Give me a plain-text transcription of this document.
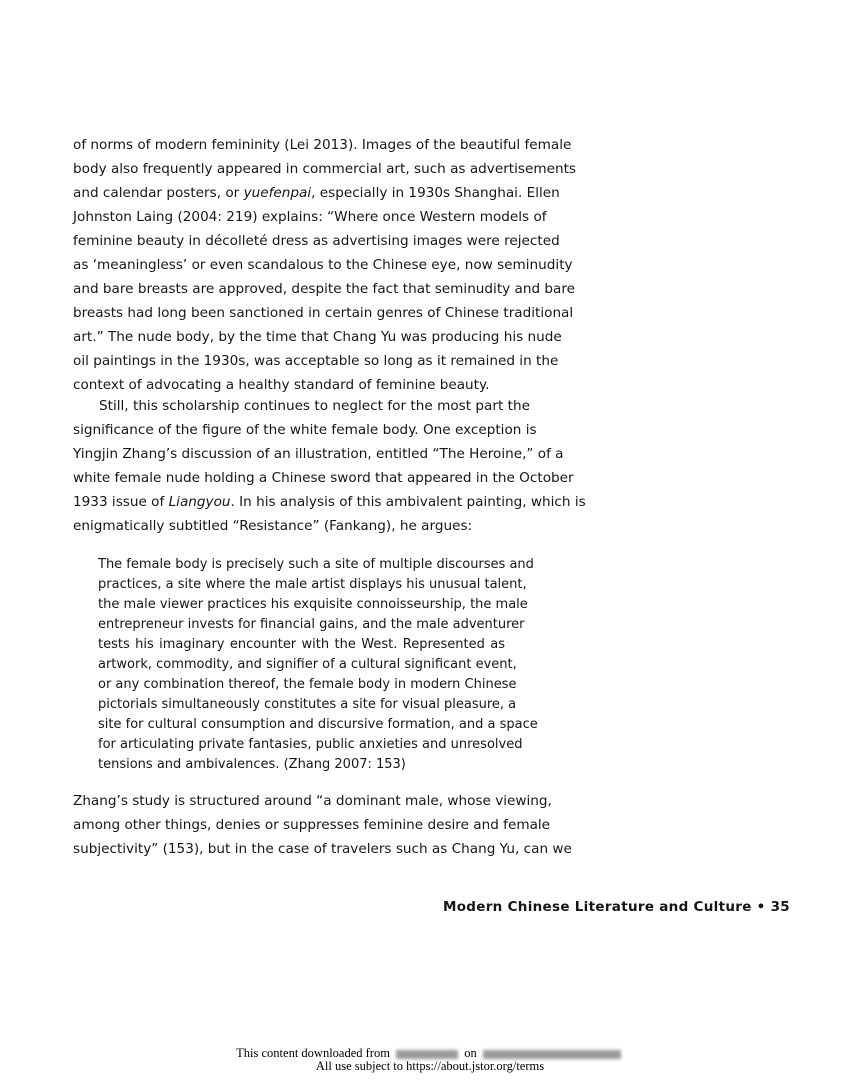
of norms of modern femininity (Lei 2013). Images of the beautiful female
body also frequently appeared in commercial art, such as advertisements
and calendar posters, or yuefenpai, especially in 1930s Shanghai. Ellen
Johnston Laing (2004: 219) explains: “Where once Western models of
feminine beauty in décolleté dress as advertising images were rejected
as ‘meaningless’ or even scandalous to the Chinese eye, now seminudity
and bare breasts are approved, despite the fact that seminudity and bare
breasts had long been sanctioned in certain genres of Chinese traditional
art.” The nude body, by the time that Chang Yu was producing his nude
oil paintings in the 1930s, was acceptable so long as it remained in the
context of advocating a healthy standard of feminine beauty.
Still, this scholarship continues to neglect for the most part the
significance of the figure of the white female body. One exception is
Yingjin Zhang’s discussion of an illustration, entitled “The Heroine,” of a
white female nude holding a Chinese sword that appeared in the October
1933 issue of Liangyou. In his analysis of this ambivalent painting, which is
enigmatically subtitled “Resistance” (Fankang), he argues:
The female body is precisely such a site of multiple discourses and
practices, a site where the male artist displays his unusual talent,
the male viewer practices his exquisite connoisseurship, the male
entrepreneur invests for financial gains, and the male adventurer
tests his imaginary encounter with the West. Represented as
artwork, commodity, and signifier of a cultural significant event,
or any combination thereof, the female body in modern Chinese
pictorials simultaneously constitutes a site for visual pleasure, a
site for cultural consumption and discursive formation, and a space
for articulating private fantasies, public anxieties and unresolved
tensions and ambivalences. (Zhang 2007: 153)
Zhang’s study is structured around “a dominant male, whose viewing,
among other things, denies or suppresses feminine desire and female
subjectivity” (153), but in the case of travelers such as Chang Yu, can we
Modern Chinese Literature and Culture • 35
This content downloaded from	on
All use subject to https://about.jstor.org/terms
